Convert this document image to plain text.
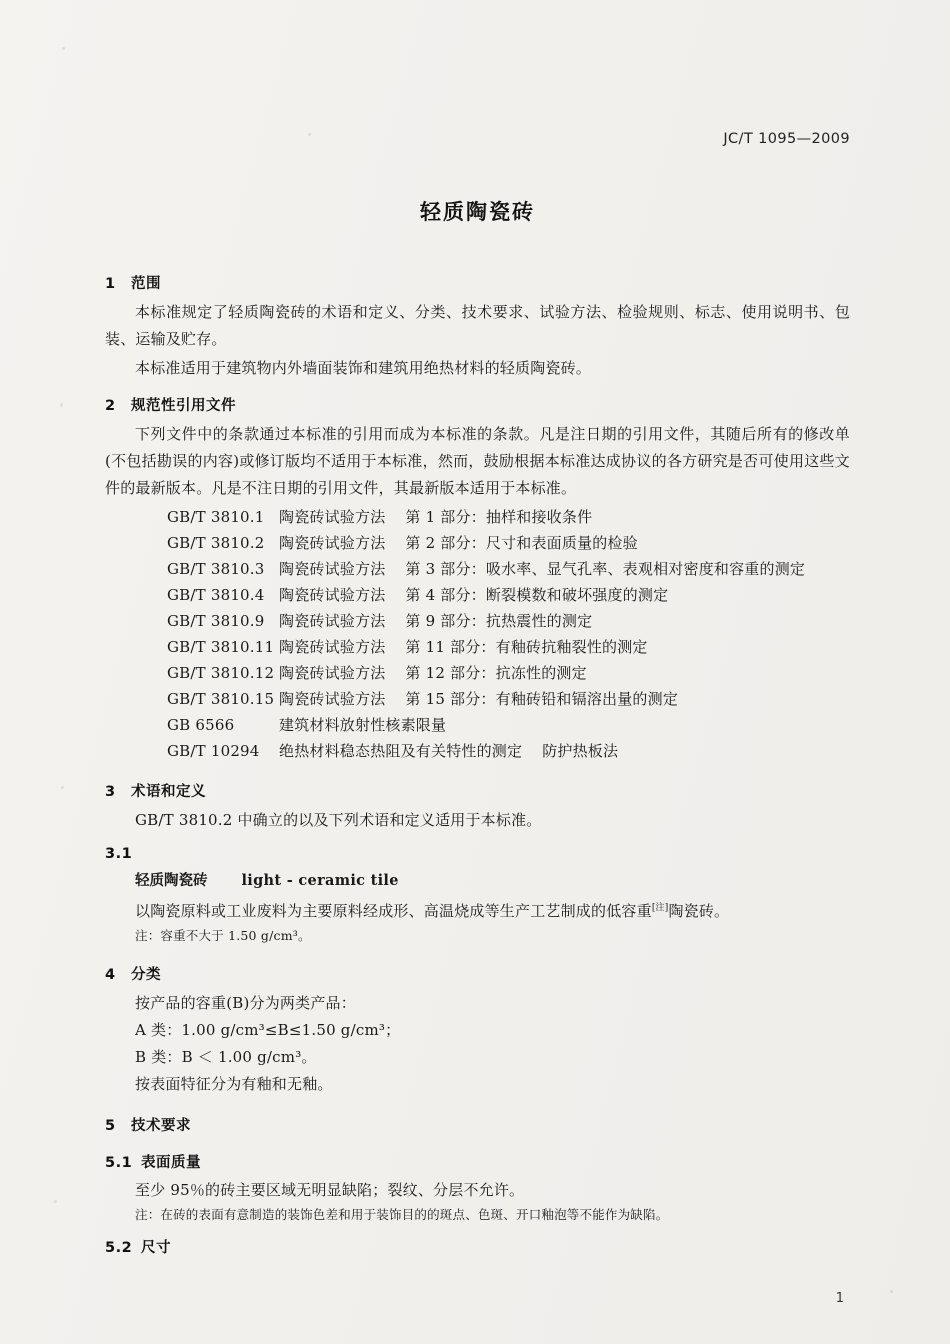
JC/T 1095—2009
轻质陶瓷砖
1 范围

本标准规定了轻质陶瓷砖的术语和定义、分类、技术要求、试验方法、检验规则、标志、使用说明书、包装、运输及贮存。

本标准适用于建筑物内外墙面装饰和建筑用绝热材料的轻质陶瓷砖。

2 规范性引用文件

下列文件中的条款通过本标准的引用而成为本标准的条款。凡是注日期的引用文件，其随后所有的修改单(不包括勘误的内容)或修订版均不适用于本标准，然而，鼓励根据本标准达成协议的各方研究是否可使用这些文件的最新版本。凡是不注日期的引用文件，其最新版本适用于本标准。

GB/T 3810.1 陶瓷砖试验方法 第 1 部分：抽样和接收条件

GB/T 3810.2 陶瓷砖试验方法 第 2 部分：尺寸和表面质量的检验

GB/T 3810.3 陶瓷砖试验方法 第 3 部分：吸水率、显气孔率、表观相对密度和容重的测定

GB/T 3810.4 陶瓷砖试验方法 第 4 部分：断裂模数和破坏强度的测定

GB/T 3810.9 陶瓷砖试验方法 第 9 部分：抗热震性的测定

GB/T 3810.11 陶瓷砖试验方法 第 11 部分：有釉砖抗釉裂性的测定

GB/T 3810.12 陶瓷砖试验方法 第 12 部分：抗冻性的测定

GB/T 3810.15 陶瓷砖试验方法 第 15 部分：有釉砖铅和镉溶出量的测定

GB 6566	建筑材料放射性核素限量

GB/T 10294 绝热材料稳态热阻及有关特性的测定 防护热板法

3 术语和定义

GB/T 3810.2 中确立的以及下列术语和定义适用于本标准。

3.1

轻质陶瓷砖 light - ceramic tile

以陶瓷原料或工业废料为主要原料经成形、高温烧成等生产工艺制成的低容重[注]陶瓷砖。

注：容重不大于 1.50 g/cm³。

4 分类

按产品的容重(B)分为两类产品：

A 类：1.00 g/cm³≤B≤1.50 g/cm³；

B 类：B ＜ 1.00 g/cm³。

按表面特征分为有釉和无釉。

5 技术要求
5.1 表面质量

至少 95％的砖主要区域无明显缺陷；裂纹、分层不允许。

注：在砖的表面有意制造的装饰色差和用于装饰目的的斑点、色斑、开口釉泡等不能作为缺陷。

5.2 尺寸
1
